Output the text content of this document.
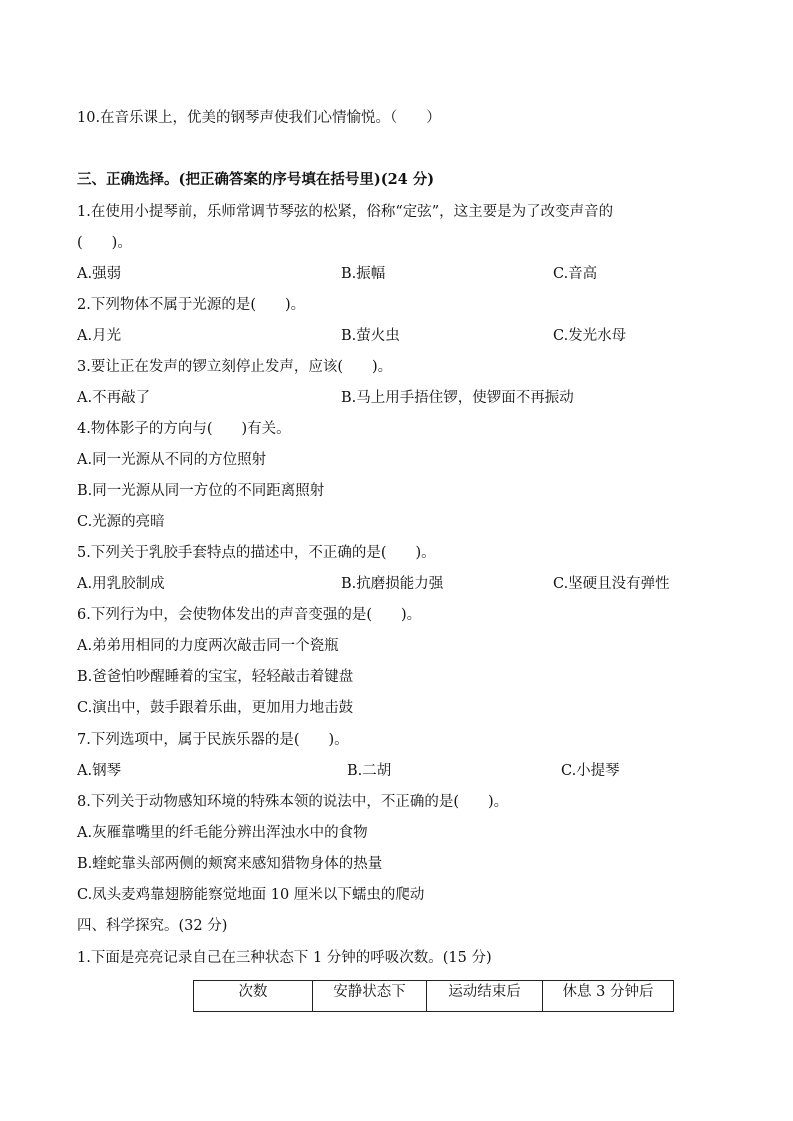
10.在音乐课上，优美的钢琴声使我们心情愉悦。（　　）
三、正确选择。(把正确答案的序号填在括号里)(24 分)
1.在使用小提琴前，乐师常调节琴弦的松紧，俗称“定弦”，这主要是为了改变声音的
(　　)。
A.强弱	B.振幅	C.音高
2.下列物体不属于光源的是(　　)。
A.月光	B.萤火虫	C.发光水母
3.要让正在发声的锣立刻停止发声，应该(　　)。
A.不再敲了	B.马上用手捂住锣，使锣面不再振动
4.物体影子的方向与(　　)有关。
A.同一光源从不同的方位照射
B.同一光源从同一方位的不同距离照射
C.光源的亮暗
5.下列关于乳胶手套特点的描述中，不正确的是(　　)。
A.用乳胶制成	B.抗磨损能力强	C.坚硬且没有弹性
6.下列行为中，会使物体发出的声音变强的是(　　)。
A.弟弟用相同的力度两次敲击同一个瓷瓶
B.爸爸怕吵醒睡着的宝宝，轻轻敲击着键盘
C.演出中，鼓手跟着乐曲，更加用力地击鼓
7.下列选项中，属于民族乐器的是(　　)。
A.钢琴	B.二胡	C.小提琴
8.下列关于动物感知环境的特殊本领的说法中，不正确的是(　　)。
A.灰雁靠嘴里的纤毛能分辨出浑浊水中的食物
B.蝰蛇靠头部两侧的颊窝来感知猎物身体的热量
C.凤头麦鸡靠翅膀能察觉地面 10 厘米以下蠕虫的爬动
四、科学探究。(32 分)
1.下面是亮亮记录自己在三种状态下 1 分钟的呼吸次数。(15 分)
次数	安静状态下	运动结束后	休息 3 分钟后
